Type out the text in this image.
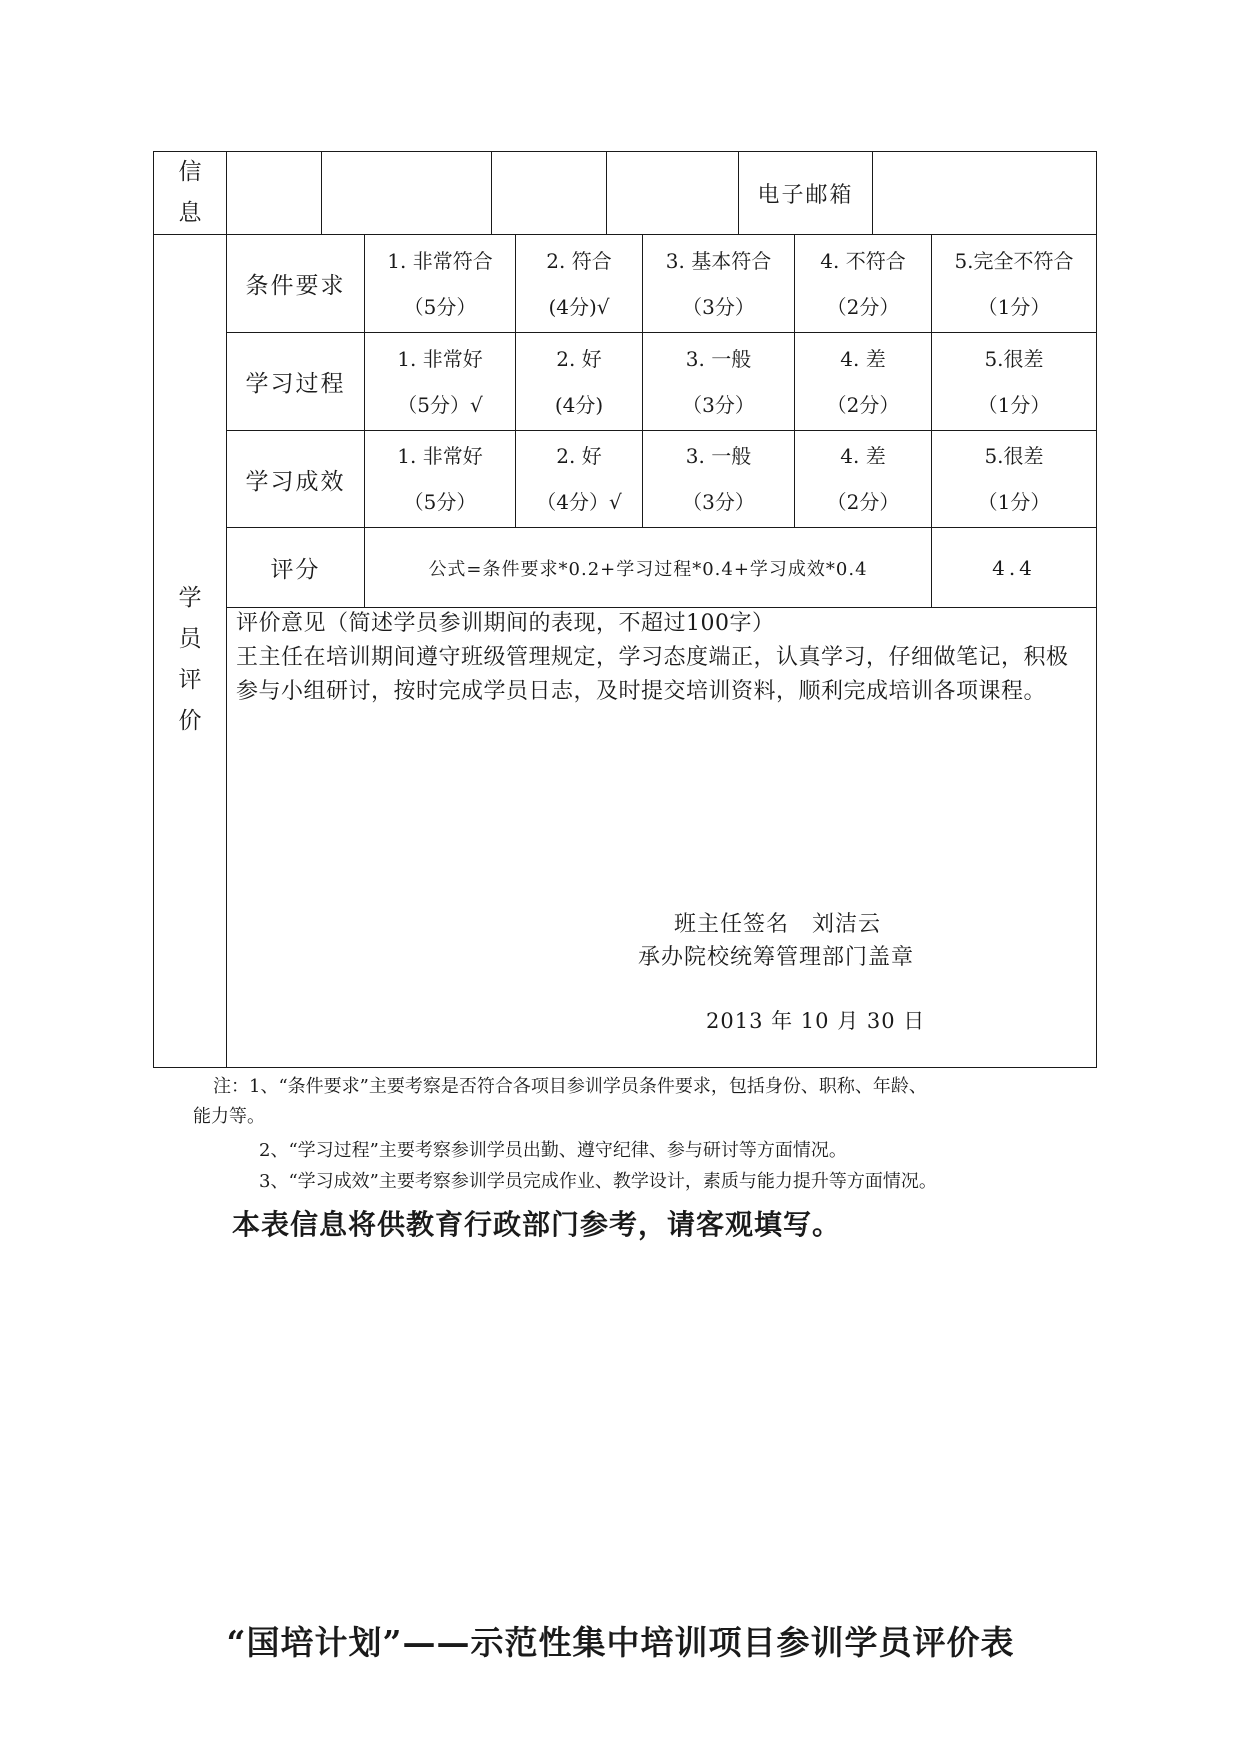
信
息
电子邮箱
学
员
评
价
条件要求
1. 非常符合
（5分）
2. 符合
(4分)√
3. 基本符合
（3分）
4. 不符合
（2分）
5.完全不符合
（1分）
学习过程
1. 非常好
（5分）√
2. 好
(4分)
3. 一般
（3分）
4. 差
（2分）
5.很差
（1分）
学习成效
1. 非常好
（5分）
2. 好
（4分）√
3. 一般
（3分）
4. 差
（2分）
5.很差
（1分）
评分	公式=条件要求*0.2+学习过程*0.4+学习成效*0.4	4.4
评价意见（简述学员参训期间的表现，不超过100字）
王主任在培训期间遵守班级管理规定，学习态度端正，认真学习，仔细做笔记，积极参与小组研讨，按时完成学员日志，及时提交培训资料，顺利完成培训各项课程。
班主任签名　刘洁云
承办院校统筹管理部门盖章
2013 年 10 月 30 日
注：1、“条件要求”主要考察是否符合各项目参训学员条件要求，包括身份、职称、年龄、
能力等。
2、“学习过程”主要考察参训学员出勤、遵守纪律、参与研讨等方面情况。
3、“学习成效”主要考察参训学员完成作业、教学设计，素质与能力提升等方面情况。
本表信息将供教育行政部门参考，请客观填写。
“国培计划”——示范性集中培训项目参训学员评价表
